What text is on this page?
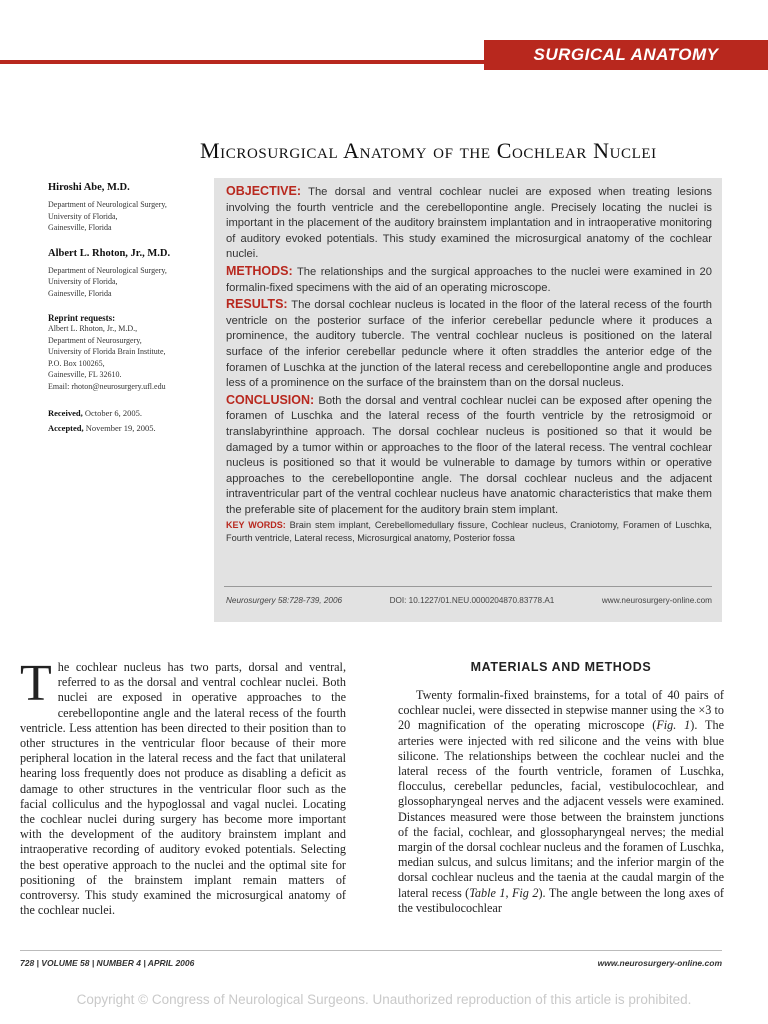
SURGICAL ANATOMY
Microsurgical Anatomy of the Cochlear Nuclei
Hiroshi Abe, M.D.
Department of Neurological Surgery,
University of Florida,
Gainesville, Florida
Albert L. Rhoton, Jr., M.D.
Department of Neurological Surgery,
University of Florida,
Gainesville, Florida
Reprint requests:
Albert L. Rhoton, Jr., M.D.,
Department of Neurosurgery,
University of Florida Brain Institute,
P.O. Box 100265,
Gainesville, FL 32610.
Email: rhoton@neurosurgery.ufl.edu
Received, October 6, 2005.
Accepted, November 19, 2005.

OBJECTIVE: The dorsal and ventral cochlear nuclei are exposed when treating lesions involving the fourth ventricle and the cerebellopontine angle. Precisely locating the nuclei is important in the placement of the auditory brainstem implantation and in intraoperative monitoring of auditory evoked potentials. This study examined the microsurgical anatomy of the cochlear nuclei.

METHODS: The relationships and the surgical approaches to the nuclei were examined in 20 formalin-fixed specimens with the aid of an operating microscope.

RESULTS: The dorsal cochlear nucleus is located in the floor of the lateral recess of the fourth ventricle on the posterior surface of the inferior cerebellar peduncle where it produces a prominence, the auditory tubercle. The ventral cochlear nucleus is positioned on the lateral surface of the inferior cerebellar peduncle where it often straddles the anterior edge of the foramen of Luschka at the junction of the lateral recess and cerebellopontine angle and produces less of a prominence on the surface of the brainstem than on the dorsal nucleus.

CONCLUSION: Both the dorsal and ventral cochlear nuclei can be exposed after opening the foramen of Luschka and the lateral recess of the fourth ventricle by the retrosigmoid or translabyrinthine approach. The dorsal cochlear nucleus is positioned so that it would be damaged by a tumor within or approaches to the floor of the lateral recess. The ventral cochlear nucleus is positioned so that it would be vulnerable to damage by tumors within or operative approaches to the cerebellopontine angle. The dorsal cochlear nucleus and the adjacent intraventricular part of the ventral cochlear nucleus have anatomic characteristics that make them the preferable site of placement for the auditory brain stem implant.

KEY WORDS: Brain stem implant, Cerebellomedullary fissure, Cochlear nucleus, Craniotomy, Foramen of Luschka, Fourth ventricle, Lateral recess, Microsurgical anatomy, Posterior fossa

Neurosurgery 58:728-739, 2006	DOI: 10.1227/01.NEU.0000204870.83778.A1	www.neurosurgery-online.com
The cochlear nucleus has two parts, dorsal and ventral, referred to as the dorsal and ventral cochlear nuclei. Both nuclei are exposed in operative approaches to the cerebellopontine angle and the lateral recess of the fourth ventricle. Less attention has been directed to their position than to other structures in the ventricular floor because of their more peripheral location in the lateral recess and the fact that unilateral hearing loss frequently does not produce as disabling a deficit as damage to other structures in the ventricular floor such as the facial colliculus and the hypoglossal and vagal nuclei. Locating the cochlear nuclei during surgery has become more important with the development of the auditory brainstem implant and intraoperative recording of auditory evoked potentials. Selecting the best operative approach to the nuclei and the optimal site for positioning of the brainstem implant remain matters of controversy. This study examined the microsurgical anatomy of the cochlear nuclei.
MATERIALS AND METHODS

Twenty formalin-fixed brainstems, for a total of 40 pairs of cochlear nuclei, were dissected in stepwise manner using the ×3 to 20 magnification of the operating microscope (Fig. 1). The arteries were injected with red silicone and the veins with blue silicone. The relationships between the cochlear nuclei and the lateral recess of the fourth ventricle, foramen of Luschka, flocculus, cerebellar peduncles, facial, vestibulocochlear, and glossopharyngeal nerves and the adjacent vessels were examined. Distances measured were those between the brainstem junctions of the facial, cochlear, and glossopharyngeal nerves; the medial margin of the dorsal cochlear nucleus and the foramen of Luschka, median sulcus, and sulcus limitans; and the inferior margin of the dorsal cochlear nucleus and the taenia at the caudal margin of the lateral recess (Table 1, Fig 2). The angle between the long axes of the vestibulocochlear

728 | VOLUME 58 | NUMBER 4 | APRIL 2006	www.neurosurgery-online.com
Copyright © Congress of Neurological Surgeons. Unauthorized reproduction of this article is prohibited.
